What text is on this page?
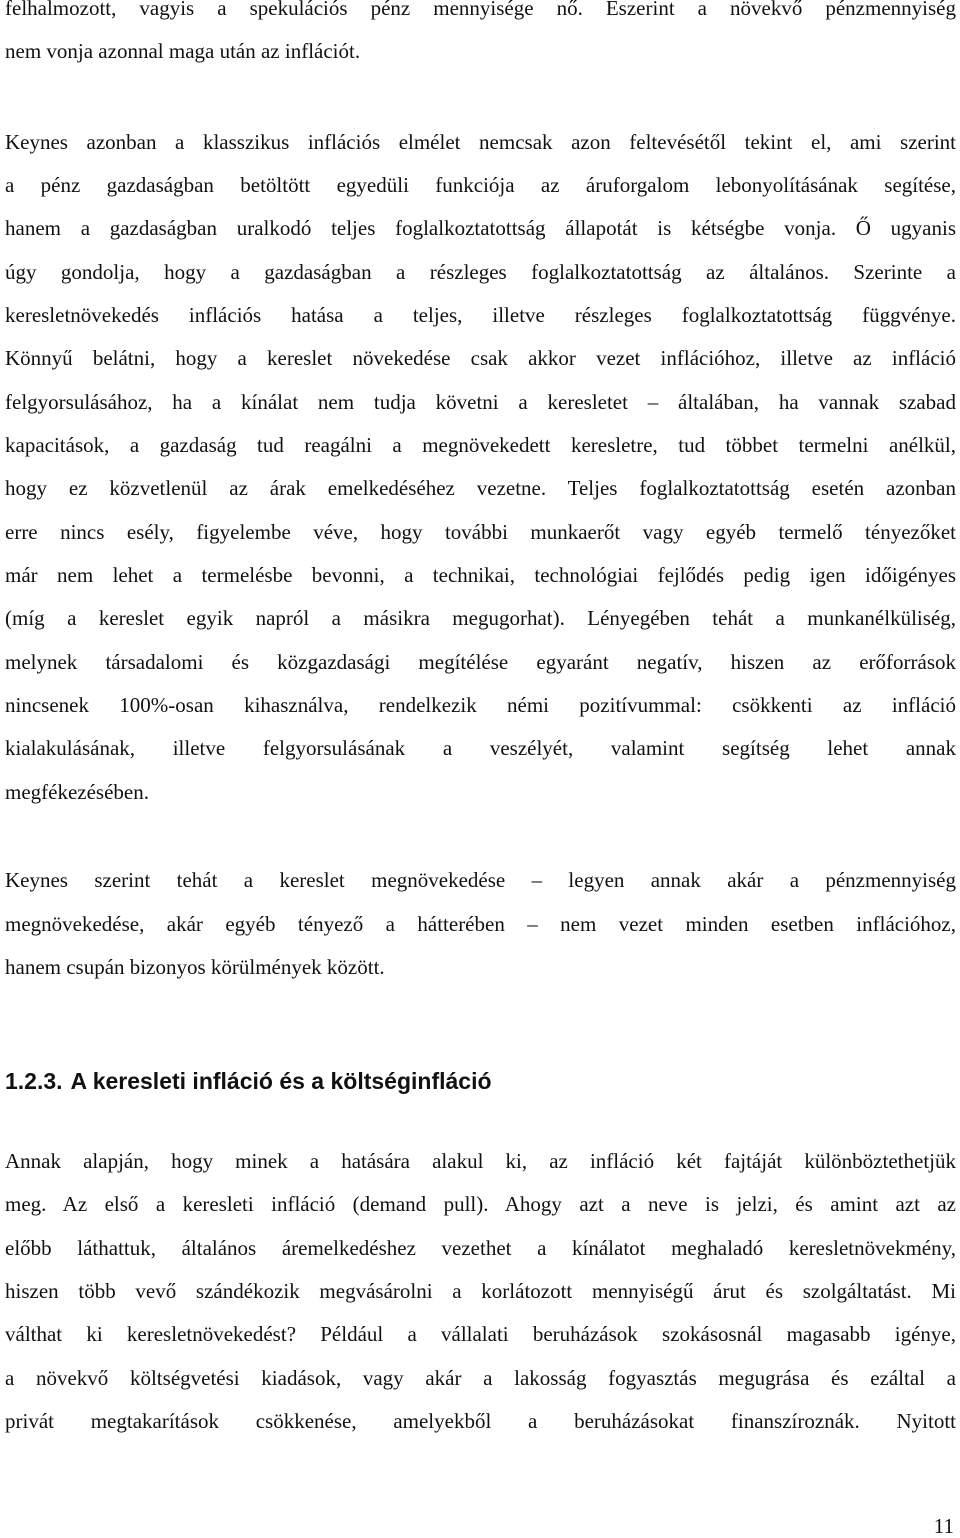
felhalmozott, vagyis a spekulációs pénz mennyisége nő. Eszerint a növekvő pénzmennyiség

nem vonja azonnal maga után az inflációt.

Keynes azonban a klasszikus inflációs elmélet nemcsak azon feltevésétől tekint el, ami szerint

a pénz gazdaságban betöltött egyedüli funkciója az áruforgalom lebonyolításának segítése,

hanem a gazdaságban uralkodó teljes foglalkoztatottság állapotát is kétségbe vonja. Ő ugyanis

úgy gondolja, hogy a gazdaságban a részleges foglalkoztatottság az általános. Szerinte a

keresletnövekedés inflációs hatása a teljes, illetve részleges foglalkoztatottság függvénye.

Könnyű belátni, hogy a kereslet növekedése csak akkor vezet inflációhoz, illetve az infláció

felgyorsulásához, ha a kínálat nem tudja követni a keresletet – általában, ha vannak szabad

kapacitások, a gazdaság tud reagálni a megnövekedett keresletre, tud többet termelni anélkül,

hogy ez közvetlenül az árak emelkedéséhez vezetne. Teljes foglalkoztatottság esetén azonban

erre nincs esély, figyelembe véve, hogy további munkaerőt vagy egyéb termelő tényezőket

már nem lehet a termelésbe bevonni, a technikai, technológiai fejlődés pedig igen időigényes

(míg a kereslet egyik napról a másikra megugorhat). Lényegében tehát a munkanélküliség,

melynek társadalomi és közgazdasági megítélése egyaránt negatív, hiszen az erőforrások

nincsenek 100%-osan kihasználva, rendelkezik némi pozitívummal: csökkenti az infláció

kialakulásának, illetve felgyorsulásának a veszélyét, valamint segítség lehet annak

megfékezésében.

Keynes szerint tehát a kereslet megnövekedése – legyen annak akár a pénzmennyiség

megnövekedése, akár egyéb tényező a hátterében – nem vezet minden esetben inflációhoz,

hanem csupán bizonyos körülmények között.

1.2.3. A keresleti infláció és a költséginfláció

Annak alapján, hogy minek a hatására alakul ki, az infláció két fajtáját különböztethetjük

meg. Az első a keresleti infláció (demand pull). Ahogy azt a neve is jelzi, és amint azt az

előbb láthattuk, általános áremelkedéshez vezethet a kínálatot meghaladó keresletnövekmény,

hiszen több vevő szándékozik megvásárolni a korlátozott mennyiségű árut és szolgáltatást. Mi

válthat ki keresletnövekedést? Például a vállalati beruházások szokásosnál magasabb igénye,

a növekvő költségvetési kiadások, vagy akár a lakosság fogyasztás megugrása és ezáltal a

privát megtakarítások csökkenése, amelyekből a beruházásokat finanszíroznák. Nyitott

11
